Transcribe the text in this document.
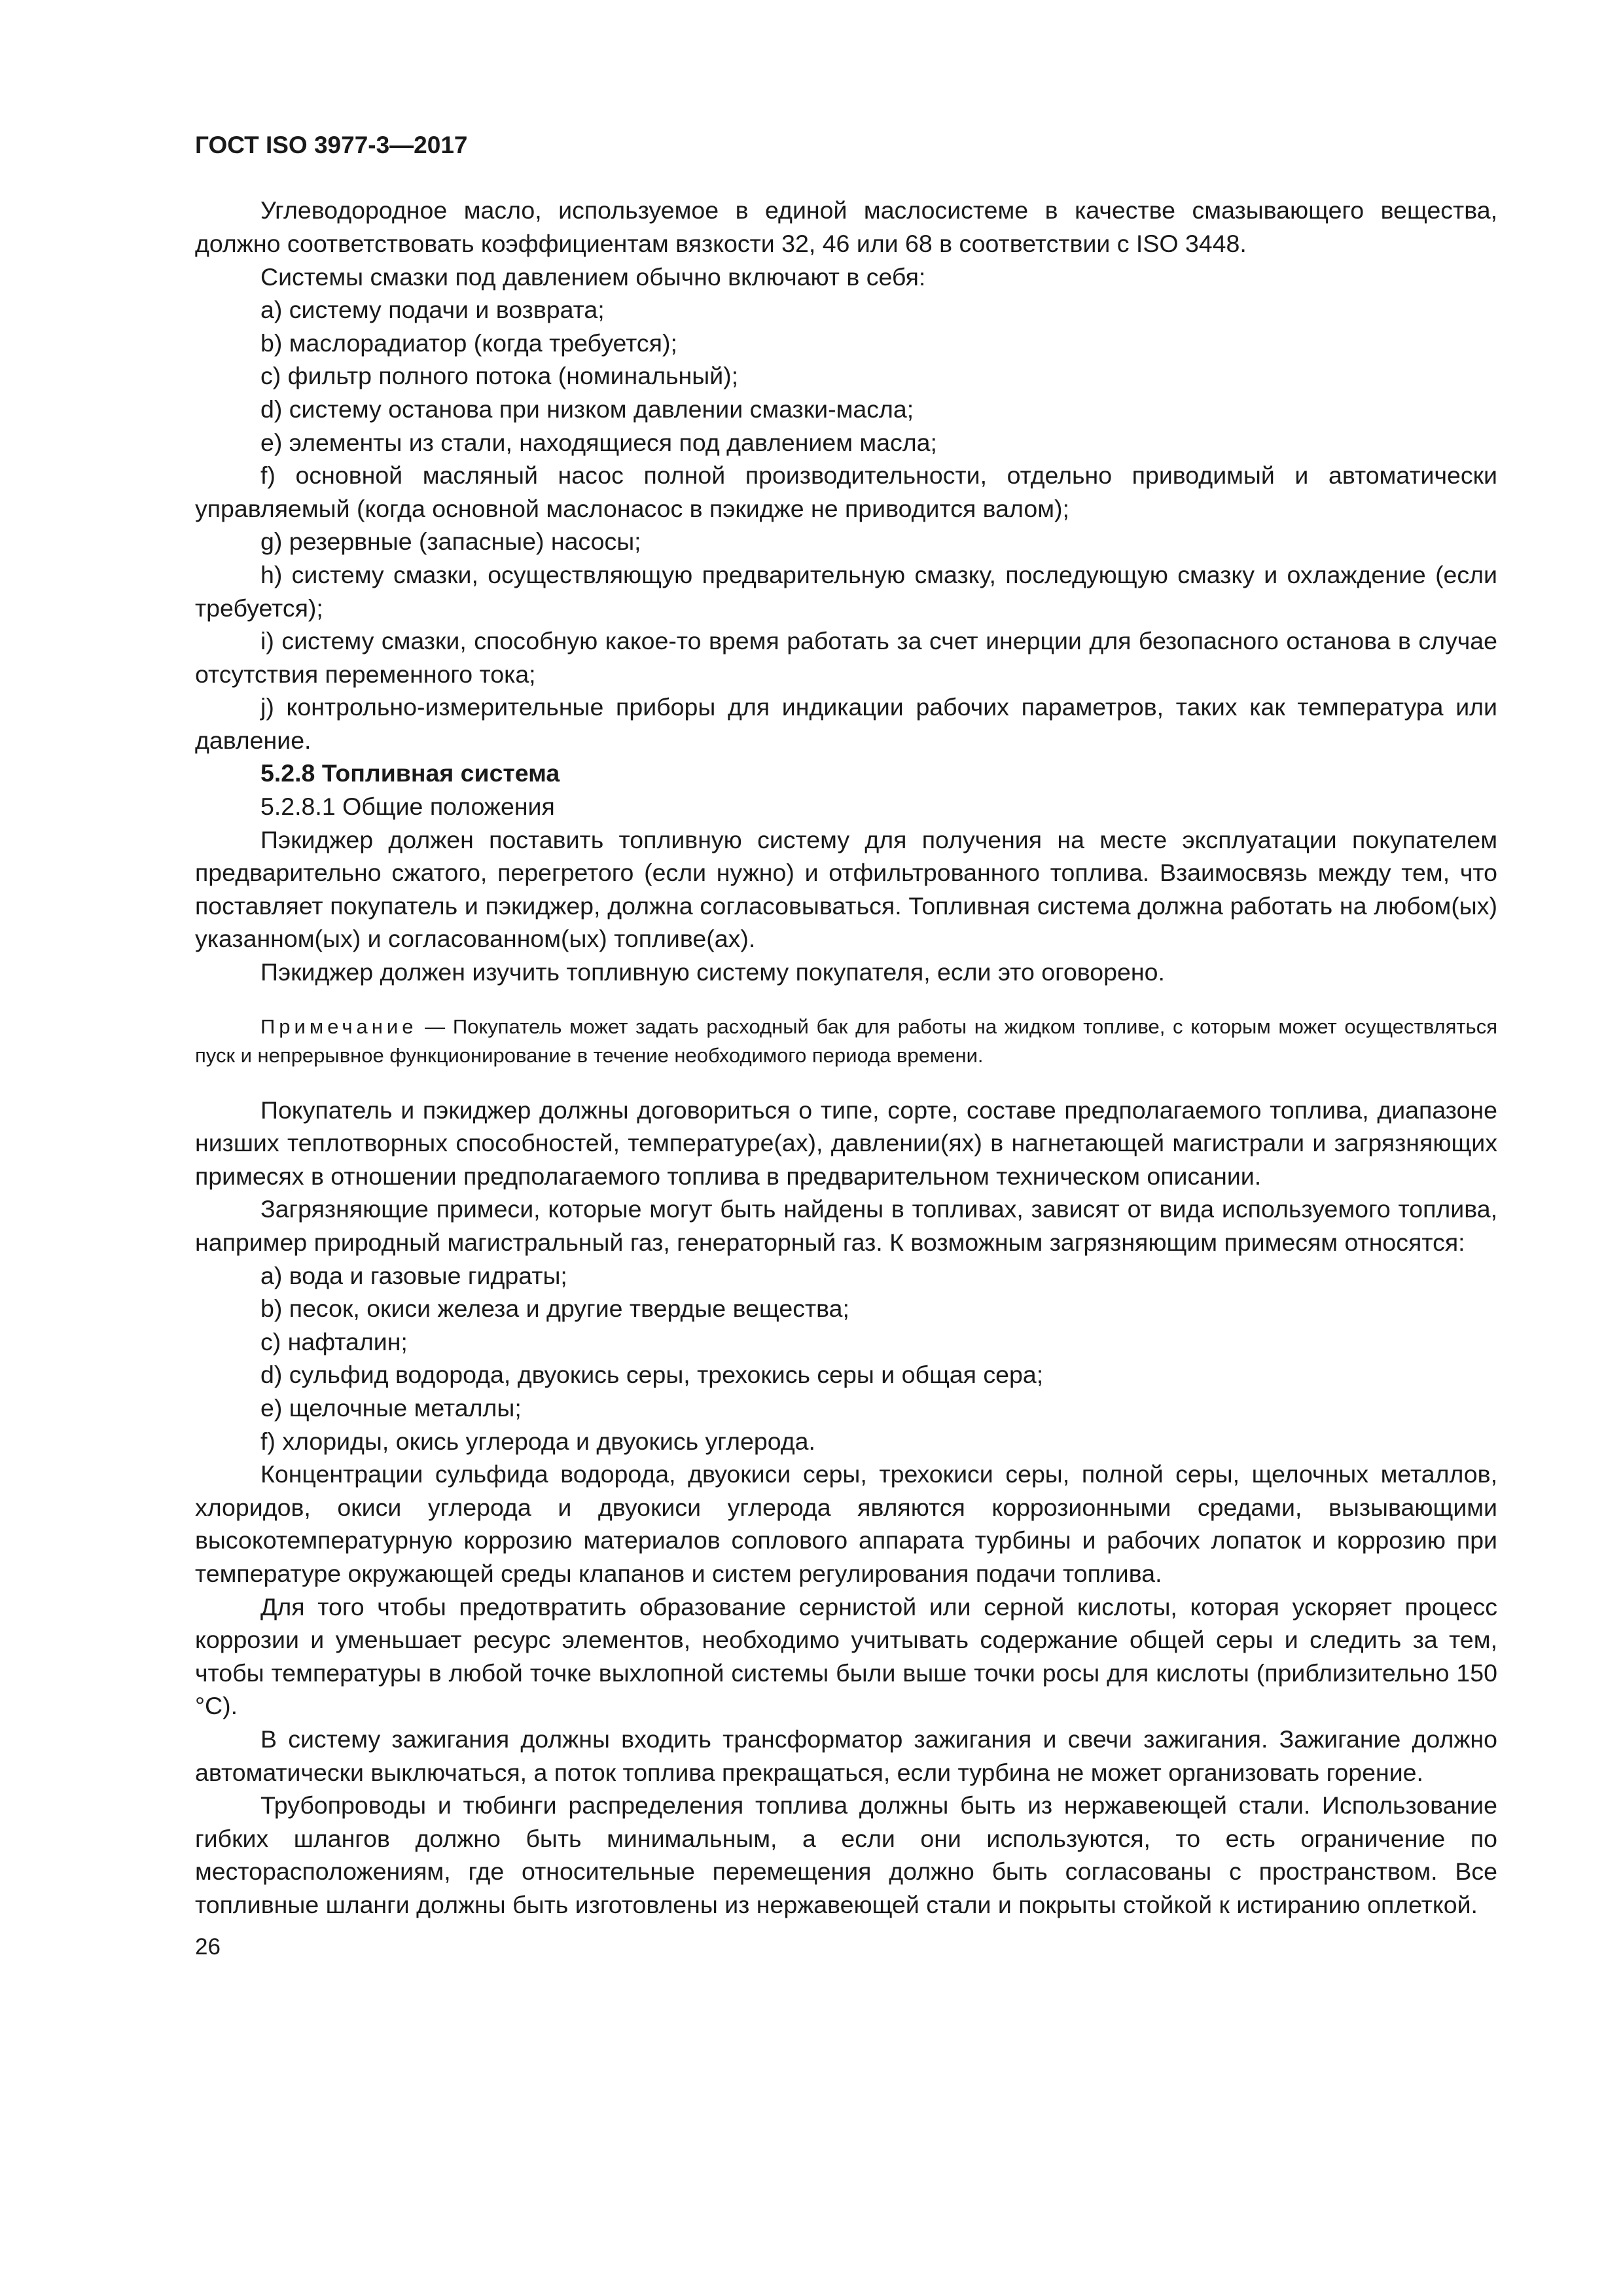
ГОСТ ISO 3977-3—2017

Углеводородное масло, используемое в единой маслосистеме в качестве смазывающего вещества, должно соответствовать коэффициентам вязкости 32, 46 или 68 в соответствии с ISO 3448.

Системы смазки под давлением обычно включают в себя:

a) систему подачи и возврата;

b) маслорадиатор (когда требуется);

c) фильтр полного потока (номинальный);

d) систему останова при низком давлении смазки-масла;

e) элементы из стали, находящиеся под давлением масла;

f) основной масляный насос полной производительности, отдельно приводимый и автоматически управляемый (когда основной маслонасос в пэкидже не приводится валом);

g) резервные (запасные) насосы;

h) систему смазки, осуществляющую предварительную смазку, последующую смазку и охлаждение (если требуется);

i) систему смазки, способную какое-то время работать за счет инерции для безопасного останова в случае отсутствия переменного тока;

j) контрольно-измерительные приборы для индикации рабочих параметров, таких как температура или давление.

5.2.8 Топливная система

5.2.8.1 Общие положения

Пэкиджер должен поставить топливную систему для получения на месте эксплуатации покупателем предварительно сжатого, перегретого (если нужно) и отфильтрованного топлива. Взаимосвязь между тем, что поставляет покупатель и пэкиджер, должна согласовываться. Топливная система должна работать на любом(ых) указанном(ых) и согласованном(ых) топливе(ах).

Пэкиджер должен изучить топливную систему покупателя, если это оговорено.

Примечание — Покупатель может задать расходный бак для работы на жидком топливе, с которым может осуществляться пуск и непрерывное функционирование в течение необходимого периода времени.

Покупатель и пэкиджер должны договориться о типе, сорте, составе предполагаемого топлива, диапазоне низших теплотворных способностей, температуре(ах), давлении(ях) в нагнетающей магистрали и загрязняющих примесях в отношении предполагаемого топлива в предварительном техническом описании.

Загрязняющие примеси, которые могут быть найдены в топливах, зависят от вида используемого топлива, например природный магистральный газ, генераторный газ. К возможным загрязняющим примесям относятся:

a) вода и газовые гидраты;

b) песок, окиси железа и другие твердые вещества;

c) нафталин;

d) сульфид водорода, двуокись серы, трехокись серы и общая сера;

e) щелочные металлы;

f) хлориды, окись углерода и двуокись углерода.

Концентрации сульфида водорода, двуокиси серы, трехокиси серы, полной серы, щелочных металлов, хлоридов, окиси углерода и двуокиси углерода являются коррозионными средами, вызывающими высокотемпературную коррозию материалов соплового аппарата турбины и рабочих лопаток и коррозию при температуре окружающей среды клапанов и систем регулирования подачи топлива.

Для того чтобы предотвратить образование сернистой или серной кислоты, которая ускоряет процесс коррозии и уменьшает ресурс элементов, необходимо учитывать содержание общей серы и следить за тем, чтобы температуры в любой точке выхлопной системы были выше точки росы для кислоты (приблизительно 150 °С).

В систему зажигания должны входить трансформатор зажигания и свечи зажигания. Зажигание должно автоматически выключаться, а поток топлива прекращаться, если турбина не может организовать горение.

Трубопроводы и тюбинги распределения топлива должны быть из нержавеющей стали. Использование гибких шлангов должно быть минимальным, а если они используются, то есть ограничение по месторасположениям, где относительные перемещения должно быть согласованы с пространством. Все топливные шланги должны быть изготовлены из нержавеющей стали и покрыты стойкой к истиранию оплеткой.

26
